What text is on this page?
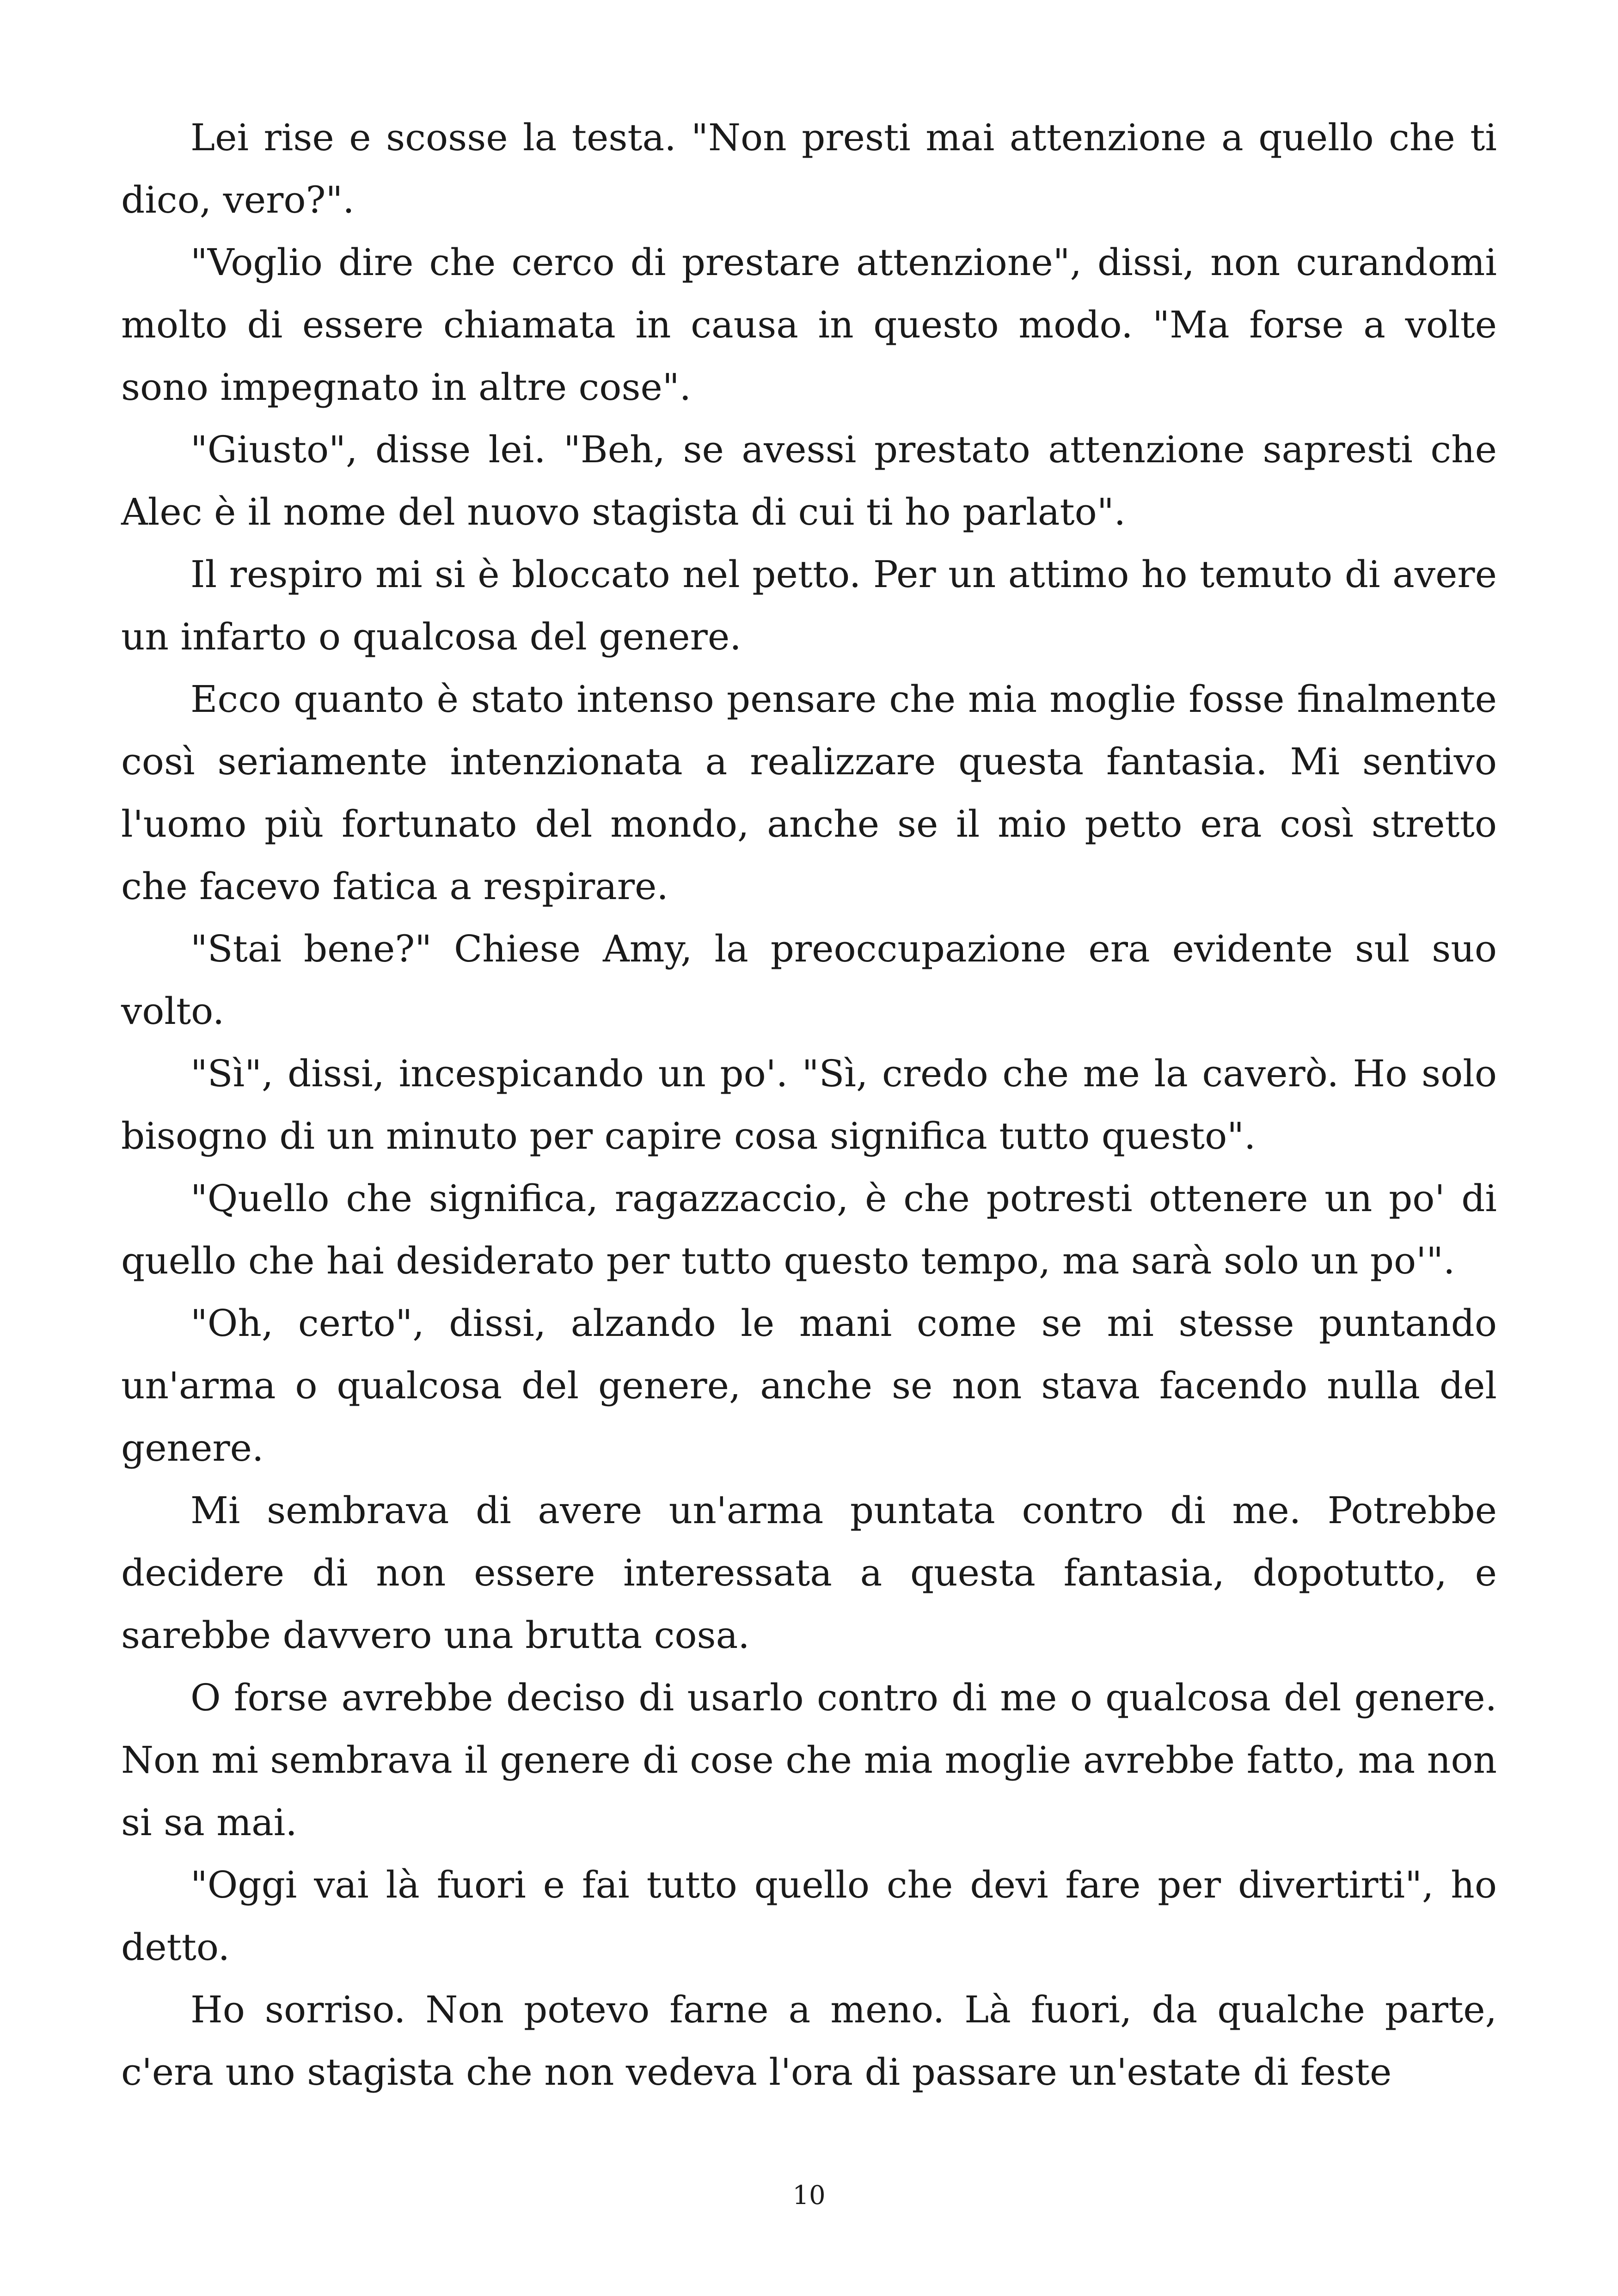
Lei rise e scosse la testa. "Non presti mai attenzione a quello che ti dico, vero?".

"Voglio dire che cerco di prestare attenzione", dissi, non curandomi molto di essere chiamata in causa in questo modo. "Ma forse a volte sono impegnato in altre cose".

"Giusto", disse lei. "Beh, se avessi prestato attenzione sapresti che Alec è il nome del nuovo stagista di cui ti ho parlato".

Il respiro mi si è bloccato nel petto. Per un attimo ho temuto di avere un infarto o qualcosa del genere.

Ecco quanto è stato intenso pensare che mia moglie fosse finalmente così seriamente intenzionata a realizzare questa fantasia. Mi sentivo l'uomo più fortunato del mondo, anche se il mio petto era così stretto che facevo fatica a respirare.

"Stai bene?" Chiese Amy, la preoccupazione era evidente sul suo volto.

"Sì", dissi, incespicando un po'. "Sì, credo che me la caverò. Ho solo bisogno di un minuto per capire cosa significa tutto questo".

"Quello che significa, ragazzaccio, è che potresti ottenere un po' di quello che hai desiderato per tutto questo tempo, ma sarà solo un po'".

"Oh, certo", dissi, alzando le mani come se mi stesse puntando un'arma o qualcosa del genere, anche se non stava facendo nulla del genere.

Mi sembrava di avere un'arma puntata contro di me. Potrebbe decidere di non essere interessata a questa fantasia, dopotutto, e sarebbe davvero una brutta cosa.

O forse avrebbe deciso di usarlo contro di me o qualcosa del genere. Non mi sembrava il genere di cose che mia moglie avrebbe fatto, ma non si sa mai.

"Oggi vai là fuori e fai tutto quello che devi fare per divertirti", ho detto.

Ho sorriso. Non potevo farne a meno. Là fuori, da qualche parte, c'era uno stagista che non vedeva l'ora di passare un'estate di feste

10
